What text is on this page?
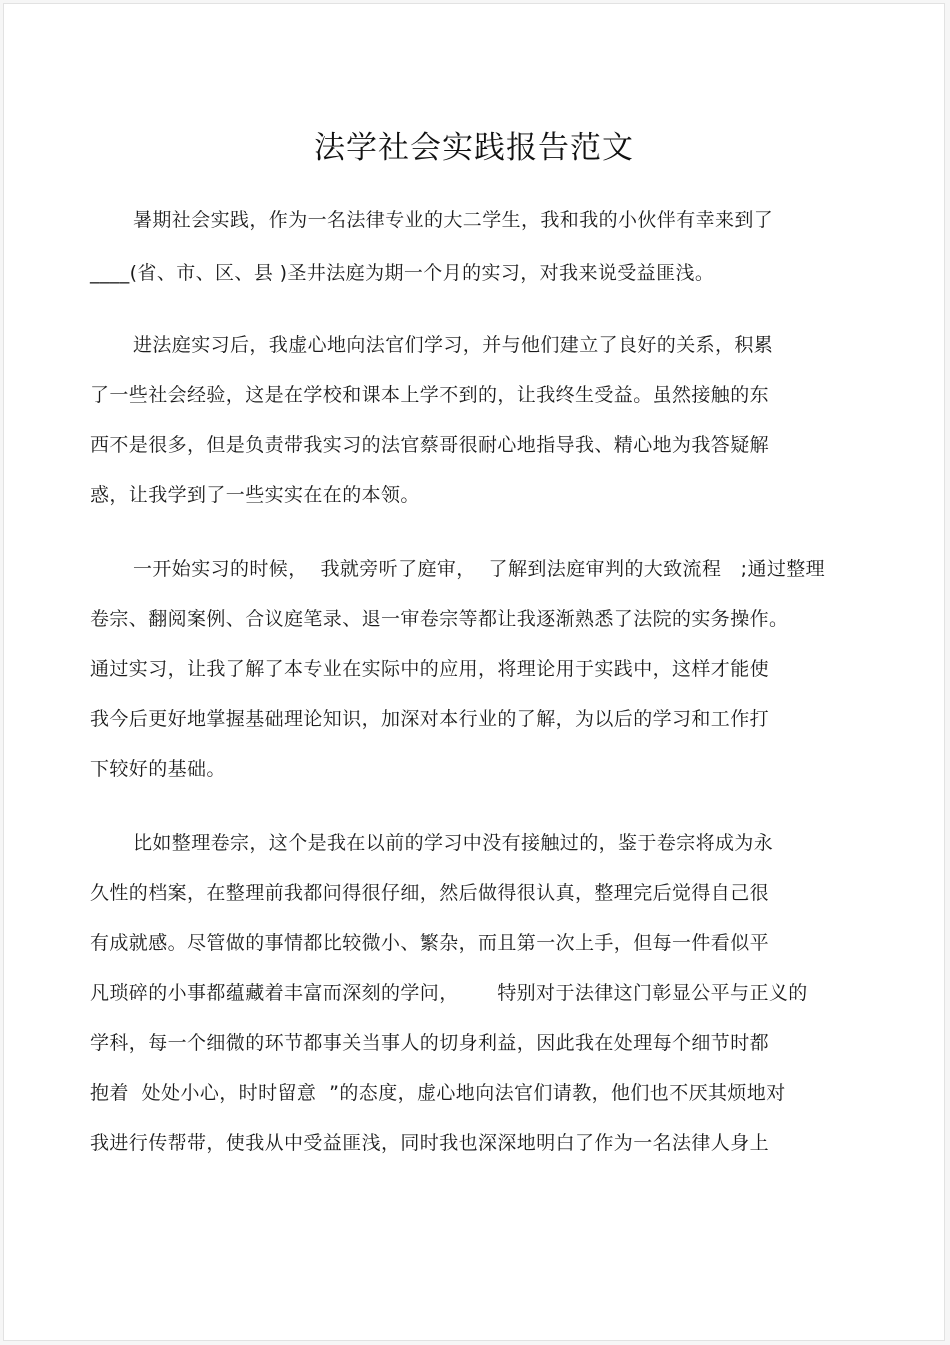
法学社会实践报告范文
暑期社会实践，作为一名法律专业的大二学生，我和我的小伙伴有幸来到了
____(省、市、区、县 )圣井法庭为期一个月的实习，对我来说受益匪浅。
进法庭实习后，我虚心地向法官们学习，并与他们建立了良好的关系，积累
了一些社会经验，这是在学校和课本上学不到的，让我终生受益。虽然接触的东
西不是很多，但是负责带我实习的法官蔡哥很耐心地指导我、精心地为我答疑解
惑，让我学到了一些实实在在的本领。
一开始实习的时候，  我就旁听了庭审，  了解到法庭审判的大致流程   ;通过整理
卷宗、翻阅案例、合议庭笔录、退一审卷宗等都让我逐渐熟悉了法院的实务操作。
通过实习，让我了解了本专业在实际中的应用，将理论用于实践中，这样才能使
我今后更好地掌握基础理论知识，加深对本行业的了解，为以后的学习和工作打
下较好的基础。
比如整理卷宗，这个是我在以前的学习中没有接触过的，鉴于卷宗将成为永
久性的档案，在整理前我都问得很仔细，然后做得很认真，整理完后觉得自己很
有成就感。尽管做的事情都比较微小、繁杂，而且第一次上手，但每一件看似平
凡琐碎的小事都蕴藏着丰富而深刻的学问，      特别对于法律这门彰显公平与正义的
学科，每一个细微的环节都事关当事人的切身利益，因此我在处理每个细节时都
抱着  处处小心，时时留意  ”的态度，虚心地向法官们请教，他们也不厌其烦地对
我进行传帮带，使我从中受益匪浅，同时我也深深地明白了作为一名法律人身上
